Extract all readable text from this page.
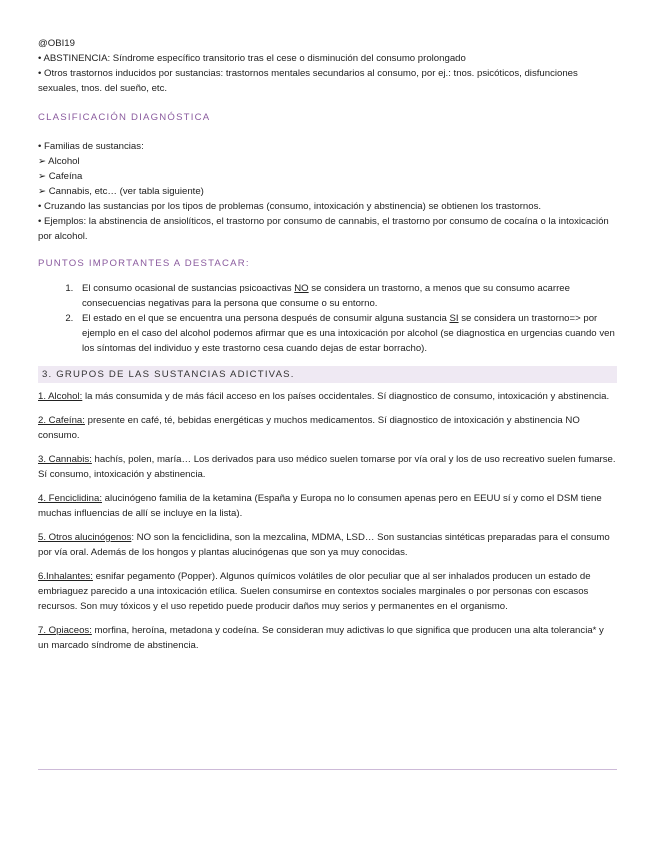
@OBI19

• ABSTINENCIA: Síndrome específico transitorio tras el cese o disminución del consumo prolongado

• Otros trastornos inducidos por sustancias: trastornos mentales secundarios al consumo, por ej.: tnos. psicóticos, disfunciones sexuales, tnos. del sueño, etc.

CLASIFICACIÓN DIAGNÓSTICA

• Familias de sustancias:

➢ Alcohol

➢ Cafeína

➢ Cannabis, etc… (ver tabla siguiente)

• Cruzando las sustancias por los tipos de problemas (consumo, intoxicación y abstinencia) se obtienen los trastornos.

• Ejemplos: la abstinencia de ansiolíticos, el trastorno por consumo de cannabis, el trastorno por consumo de cocaína o la intoxicación por alcohol.

PUNTOS IMPORTANTES A DESTACAR:

1. El consumo ocasional de sustancias psicoactivas NO se considera un trastorno, a menos que su consumo acarree consecuencias negativas para la persona que consume o su entorno.
2. El estado en el que se encuentra una persona después de consumir alguna sustancia SI se considera un trastorno=> por ejemplo en el caso del alcohol podemos afirmar que es una intoxicación por alcohol (se diagnostica en urgencias cuando ven los síntomas del individuo y este trastorno cesa cuando dejas de estar borracho).

3. GRUPOS DE LAS SUSTANCIAS ADICTIVAS.

1. Alcohol: la más consumida y de más fácil acceso en los países occidentales. Sí diagnostico de consumo, intoxicación y abstinencia.

2. Cafeína: presente en café, té, bebidas energéticas y muchos medicamentos. Sí diagnostico de intoxicación y abstinencia NO consumo.

3. Cannabis: hachís, polen, maría… Los derivados para uso médico suelen tomarse por vía oral y los de uso recreativo suelen fumarse. Sí consumo, intoxicación y abstinencia.

4. Fenciclidina: alucinógeno familia de la ketamina (España y Europa no lo consumen apenas pero en EEUU sí y como el DSM tiene muchas influencias de allí se incluye en la lista).

5. Otros alucinógenos: NO son la fenciclidina, son la mezcalina, MDMA, LSD… Son sustancias sintéticas preparadas para el consumo por vía oral. Además de los hongos y plantas alucinógenas que son ya muy conocidas.

6.Inhalantes: esnifar pegamento (Popper). Algunos químicos volátiles de olor peculiar que al ser inhalados producen un estado de embriaguez parecido a una intoxicación etílica. Suelen consumirse en contextos sociales marginales o por personas con escasos recursos. Son muy tóxicos y el uso repetido puede producir daños muy serios y permanentes en el organismo.

7. Opiaceos: morfina, heroína, metadona y codeína. Se consideran muy adictivas lo que significa que producen una alta tolerancia* y un marcado síndrome de abstinencia.
